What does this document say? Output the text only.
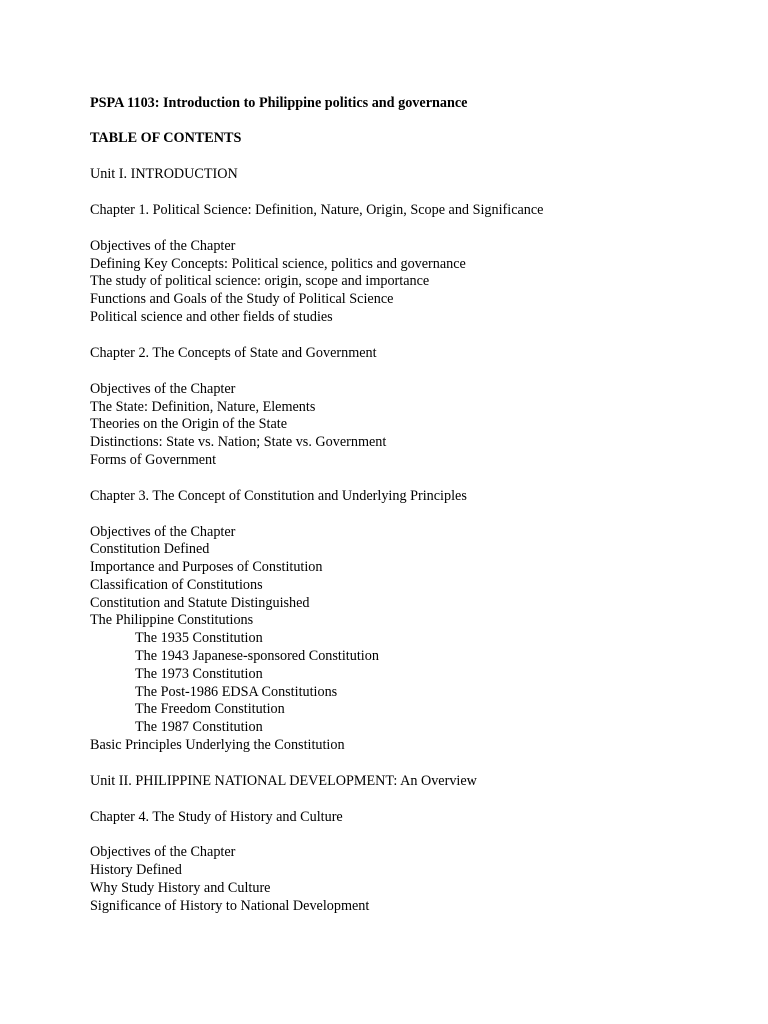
PSPA 1103: Introduction to Philippine politics and governance

TABLE OF CONTENTS

Unit I. INTRODUCTION

Chapter 1. Political Science: Definition, Nature, Origin, Scope and Significance

Objectives of the Chapter

Defining Key Concepts: Political science, politics and governance

The study of political science: origin, scope and importance

Functions and Goals of the Study of Political Science

Political science and other fields of studies

Chapter 2. The Concepts of State and Government

Objectives of the Chapter

The State: Definition, Nature, Elements

Theories on the Origin of the State

Distinctions: State vs. Nation; State vs. Government

Forms of Government

Chapter 3. The Concept of Constitution and Underlying Principles

Objectives of the Chapter

Constitution Defined

Importance and Purposes of Constitution

Classification of Constitutions

Constitution and Statute Distinguished

The Philippine Constitutions

The 1935 Constitution

The 1943 Japanese-sponsored Constitution

The 1973 Constitution

The Post-1986 EDSA Constitutions

The Freedom Constitution

The 1987 Constitution

Basic Principles Underlying the Constitution

Unit II. PHILIPPINE NATIONAL DEVELOPMENT: An Overview

Chapter 4. The Study of History and Culture

Objectives of the Chapter

History Defined

Why Study History and Culture

Significance of History to National Development
